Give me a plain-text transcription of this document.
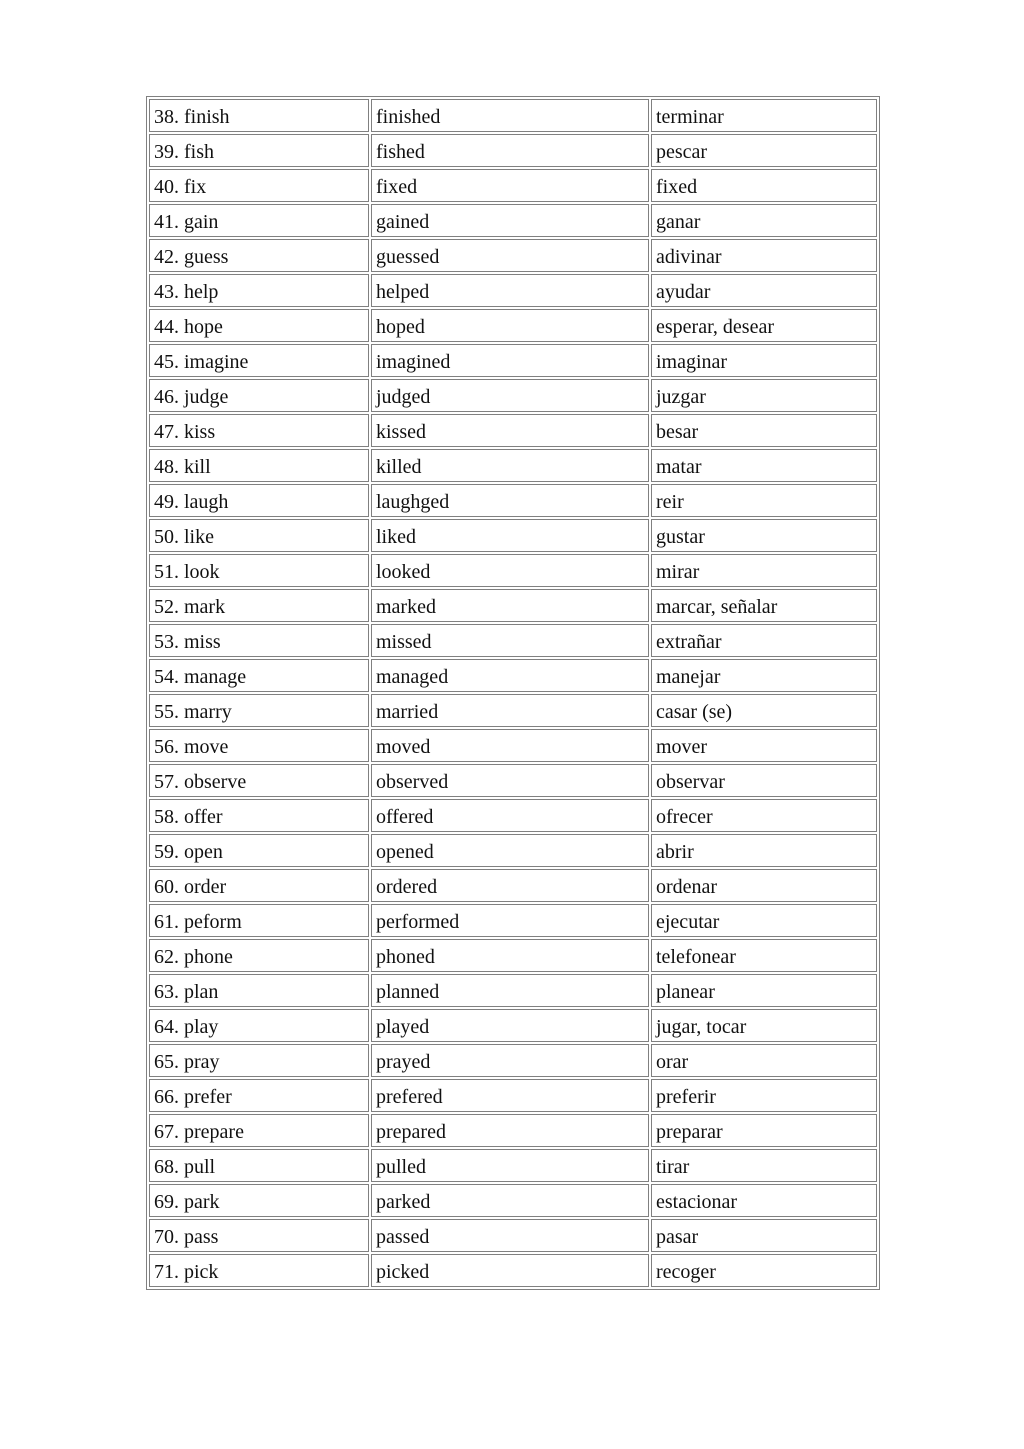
38. finish	finished	terminar
39. fish	fished	pescar
40. fix	fixed	fixed
41. gain	gained	ganar
42. guess	guessed	adivinar
43. help	helped	ayudar
44. hope	hoped	esperar, desear
45. imagine	imagined	imaginar
46. judge	judged	juzgar
47. kiss	kissed	besar
48. kill	killed	matar
49. laugh	laughged	reir
50. like	liked	gustar
51. look	looked	mirar
52. mark	marked	marcar, señalar
53. miss	missed	extrañar
54. manage	managed	manejar
55. marry	married	casar (se)
56. move	moved	mover
57. observe	observed	observar
58. offer	offered	ofrecer
59. open	opened	abrir
60. order	ordered	ordenar
61. peform	performed	ejecutar
62. phone	phoned	telefonear
63. plan	planned	planear
64. play	played	jugar, tocar
65. pray	prayed	orar
66. prefer	prefered	preferir
67. prepare	prepared	preparar
68. pull	pulled	tirar
69. park	parked	estacionar
70. pass	passed	pasar
71. pick	picked	recoger
